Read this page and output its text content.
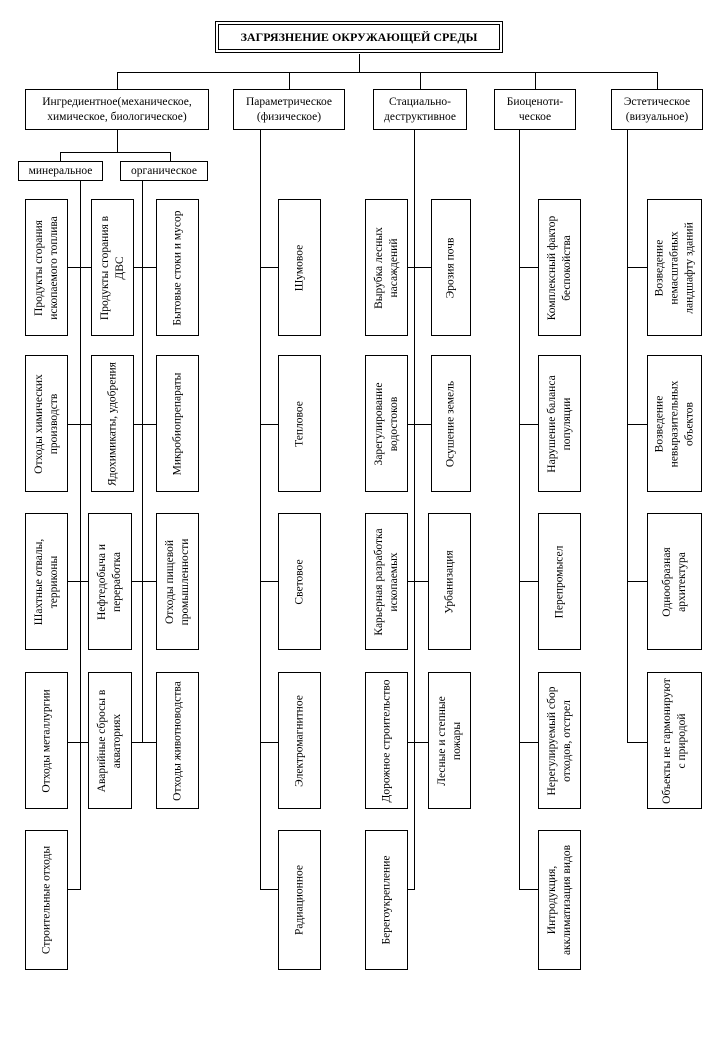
ЗАГРЯЗНЕНИЕ ОКРУЖАЮЩЕЙ СРЕДЫ
Ингредиентное(механическое, химическое, биологическое)
Параметрическое (физическое)
Стациально-деструктивное
Биоценоти-ческое
Эстетическое (визуальное)
минеральное	органическое
Продукты сгорания ископаемого топлива
Отходы химических производств
Шахтные отвалы, терриконы
Отходы металлургии
Строительные отходы
Продукты сгорания в ДВС
Ядохимикаты, удобрения
Нефтедобыча и переработка
Аварийные сбросы в акваториях
Бытовые стоки и мусор
Микробиопрепараты
Отходы пищевой промышленности
Отходы животноводства
Шумовое
Тепловое
Световое
Электромагнитное
Радиационное
Вырубка лесных насаждений
Зарегулирование водостоков
Карьерная разработка ископаемых
Дорожное строительство
Берегоукрепление
Эрозия почв
Осушение земель
Урбанизация
Лесные и степные пожары
Комплексный фактор беспокойства
Нарушение баланса популяции
Перепромысел
Нерегулируемый сбор отходов, отстрел
Интродукция, акклиматизация видов
Возведение немасштабных ландшафту зданий
Возведение невыразительных объектов
Однообразная архитектура
Объекты не гармонируют с природой
